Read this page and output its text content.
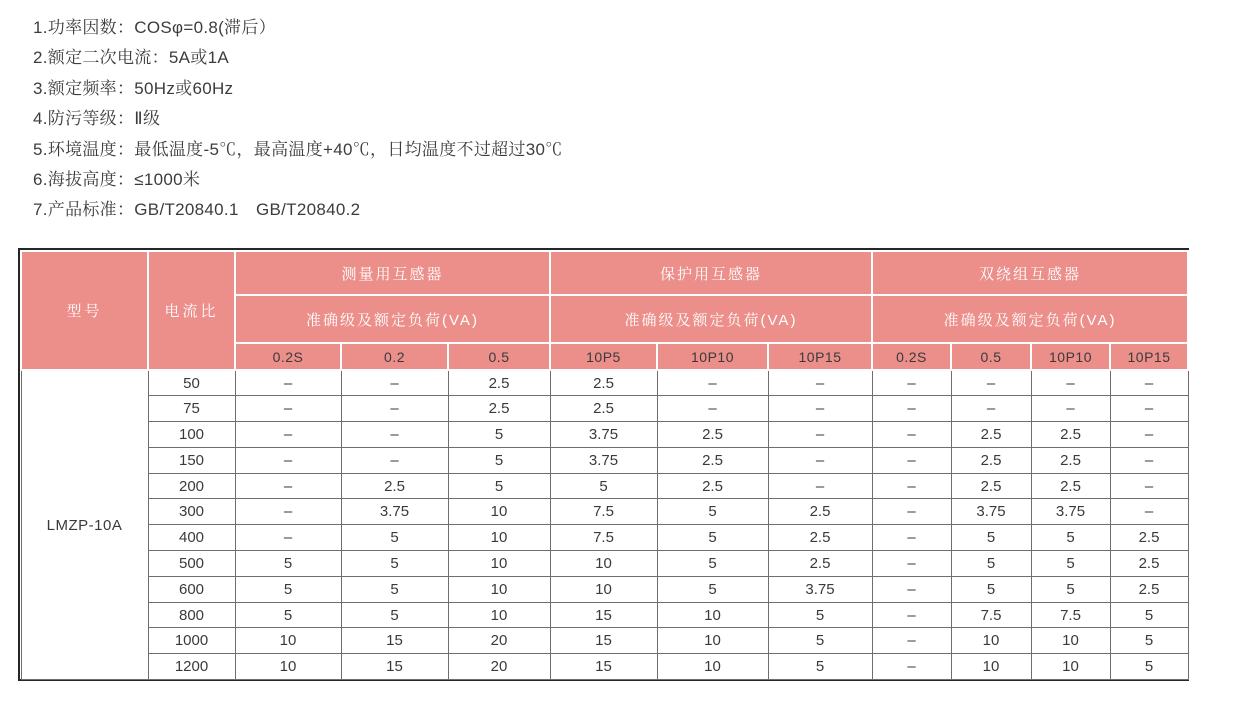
1.功率因数：COSφ=0.8(滞后）
2.额定二次电流：5A或1A
3.额定频率：50Hz或60Hz
4.防污等级：Ⅱ级
5.环境温度：最低温度-5℃，最高温度+40℃，日均温度不过超过30℃
6.海拔高度：≤1000米
7.产品标准：GB/T20840.1　GB/T20840.2
型号	电流比	测量用互感器			保护用互感器			双绕组互感器			
		准确级及额定负荷(VA)			准确级及额定负荷(VA)			准确级及额定负荷(VA)			
		0.2S	0.2	0.5	10P5	10P10	10P15	0.2S	0.5	10P10	10P15
LMZP-10A	50	–	–	2.5	2.5	–	–	–	–	–	–
	75	–	–	2.5	2.5	–	–	–	–	–	–
	100	–	–	5	3.75	2.5	–	–	2.5	2.5	–
	150	–	–	5	3.75	2.5	–	–	2.5	2.5	–
	200	–	2.5	5	5	2.5	–	–	2.5	2.5	–
	300	–	3.75	10	7.5	5	2.5	–	3.75	3.75	–
	400	–	5	10	7.5	5	2.5	–	5	5	2.5
	500	5	5	10	10	5	2.5	–	5	5	2.5
	600	5	5	10	10	5	3.75	–	5	5	2.5
	800	5	5	10	15	10	5	–	7.5	7.5	5
	1000	10	15	20	15	10	5	–	10	10	5
	1200	10	15	20	15	10	5	–	10	10	5
